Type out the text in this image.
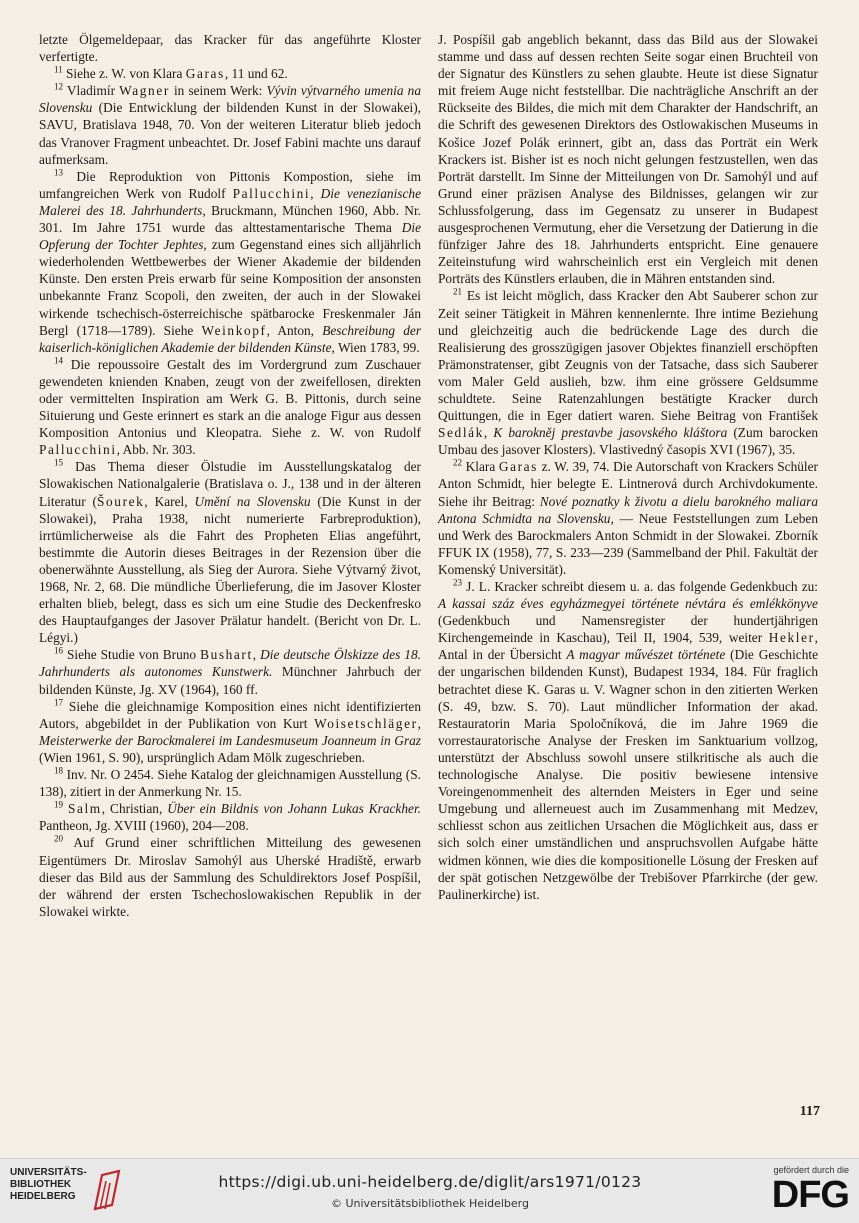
letzte Ölgemeldepaar, das Kracker für das angeführte Kloster verfertigte.

$^{11}$ Siehe z. W. von Klara Garas, 11 und 62.

$^{12}$ Vladimír Wagner in seinem Werk: Vývin výtvarného umenia na Slovensku (Die Entwicklung der bildenden Kunst in der Slowakei), SAVU, Bratislava 1948, 70. Von der weiteren Literatur blieb jedoch das Vranover Fragment unbeachtet. Dr. Josef Fabini machte uns darauf aufmerksam.

$^{13}$ Die Reproduktion von Pittonis Kompostion, siehe im umfangreichen Werk von Rudolf Pallucchini, Die venezianische Malerei des 18. Jahrhunderts, Bruckmann, München 1960, Abb. Nr. 301. Im Jahre 1751 wurde das alttestamentarische Thema Die Opferung der Tochter Jephtes, zum Gegenstand eines sich alljährlich wiederholenden Wettbewerbes der Wiener Akademie der bildenden Künste. Den ersten Preis erwarb für seine Komposition der ansonsten unbekannte Franz Scopoli, den zweiten, der auch in der Slowakei wirkende tschechisch-österreichische spätbarocke Freskenmaler Ján Bergl (1718—1789). Siehe Weinkopf, Anton, Beschreibung der kaiserlich-königlichen Akademie der bildenden Künste, Wien 1783, 99.

$^{14}$ Die repoussoire Gestalt des im Vordergrund zum Zuschauer gewendeten knienden Knaben, zeugt von der zweifellosen, direkten oder vermittelten Inspiration am Werk G. B. Pittonis, durch seine Situierung und Geste erinnert es stark an die analoge Figur aus dessen Komposition Antonius und Kleopatra. Siehe z. W. von Rudolf Pallucchini, Abb. Nr. 303.

$^{15}$ Das Thema dieser Ölstudie im Ausstellungskatalog der Slowakischen Nationalgalerie (Bratislava o. J., 138 und in der älteren Literatur (Šourek, Karel, Umění na Slovensku (Die Kunst in der Slowakei), Praha 1938, nicht numerierte Farbreproduktion), irrtümlicherweise als die Fahrt des Propheten Elias angeführt, bestimmte die Autorin dieses Beitrages in der Rezension über die obenerwähnte Ausstellung, als Sieg der Aurora. Siehe Výtvarný život, 1968, Nr. 2, 68. Die mündliche Überlieferung, die im Jasover Kloster erhalten blieb, belegt, dass es sich um eine Studie des Deckenfresko des Hauptaufganges der Jasover Prälatur handelt. (Bericht von Dr. L. Légyi.)

$^{16}$ Siehe Studie von Bruno Bushart, Die deutsche Ölskizze des 18. Jahrhunderts als autonomes Kunstwerk. Münchner Jahrbuch der bildenden Künste, Jg. XV (1964), 160 ff.

$^{17}$ Siehe die gleichnamige Komposition eines nicht identifizierten Autors, abgebildet in der Publikation von Kurt Woisetschläger, Meisterwerke der Barockmalerei im Landesmuseum Joanneum in Graz (Wien 1961, S. 90), ursprünglich Adam Mölk zugeschrieben.

$^{18}$ Inv. Nr. O 2454. Siehe Katalog der gleichnamigen Ausstellung (S. 138), zitiert in der Anmerkung Nr. 15.

$^{19}$ Salm, Christian, Über ein Bildnis von Johann Lukas Krackher. Pantheon, Jg. XVIII (1960), 204—208.

$^{20}$ Auf Grund einer schriftlichen Mitteilung des gewesenen Eigentümers Dr. Miroslav Samohýl aus Uherské Hradiště, erwarb dieser das Bild aus der Sammlung des Schuldirektors Josef Pospíšil, der während der ersten Tschechoslowakischen Republik in der Slowakei wirkte.

J. Pospíšil gab angeblich bekannt, dass das Bild aus der Slowakei stamme und dass auf dessen rechten Seite sogar einen Bruchteil von der Signatur des Künstlers zu sehen glaubte. Heute ist diese Signatur mit freiem Auge nicht feststellbar. Die nachträgliche Anschrift an der Rückseite des Bildes, die mich mit dem Charakter der Handschrift, an die Schrift des gewesenen Direktors des Ostlowakischen Museums in Košice Jozef Polák erinnert, gibt an, dass das Porträt ein Werk Krackers ist. Bisher ist es noch nicht gelungen festzustellen, wen das Porträt darstellt. Im Sinne der Mitteilungen von Dr. Samohýl und auf Grund einer präzisen Analyse des Bildnisses, gelangen wir zur Schlussfolgerung, dass im Gegensatz zu unserer in Budapest ausgesprochenen Vermutung, eher die Versetzung der Datierung in die fünfziger Jahre des 18. Jahrhunderts entspricht. Eine genauere Zeiteinstufung wird wahrscheinlich erst ein Vergleich mit denen Porträts des Künstlers erlauben, die in Mähren entstanden sind.

$^{21}$ Es ist leicht möglich, dass Kracker den Abt Sauberer schon zur Zeit seiner Tätigkeit in Mähren kennenlernte. Ihre intime Beziehung und gleichzeitig auch die bedrückende Lage des durch die Realisierung des grosszügigen jasover Objektes finanziell erschöpften Prämonstratenser, gibt Zeugnis von der Tatsache, dass sich Sauberer vom Maler Geld auslieh, bzw. ihm eine grössere Geldsumme schuldtete. Seine Ratenzahlungen bestätigte Kracker durch Quittungen, die in Eger datiert waren. Siehe Beitrag von František Sedlák, K barokněj prestavbe jasovského kláštora (Zum barocken Umbau des jasover Klosters). Vlastivedný časopis XVI (1967), 35.

$^{22}$ Klara Garas z. W. 39, 74. Die Autorschaft von Krackers Schüler Anton Schmidt, hier belegte E. Lintnerová durch Archivdokumente. Siehe ihr Beitrag: Nové poznatky k životu a dielu barokného maliara Antona Schmidta na Slovensku, — Neue Feststellungen zum Leben und Werk des Barockmalers Anton Schmidt in der Slowakei. Zborník FFUK IX (1958), 77, S. 233—239 (Sammelband der Phil. Fakultät der Komenský Universität).

$^{23}$ J. L. Kracker schreibt diesem u. a. das folgende Gedenkbuch zu: A kassai száz éves egyházmegyei története névtára és emlékkönyve (Gedenkbuch und Namensregister der hundertjährigen Kirchengemeinde in Kaschau), Teil II, 1904, 539, weiter Hekler, Antal in der Übersicht A magyar művészet története (Die Geschichte der ungarischen bildenden Kunst), Budapest 1934, 184. Für fraglich betrachtet diese K. Garas u. V. Wagner schon in den zitierten Werken (S. 49, bzw. S. 70). Laut mündlicher Information der akad. Restauratorin Maria Spoločníková, die im Jahre 1969 die vorrestauratorische Analyse der Fresken im Sanktuarium vollzog, unterstützt der Abschluss sowohl unsere stilkritische als auch die technologische Analyse. Die positiv bewiesene intensive Voreingenommenheit des alternden Meisters in Eger und seine Umgebung und allerneuest auch im Zusammenhang mit Medzev, schliesst schon aus zeitlichen Ursachen die Möglichkeit aus, dass er sich solch einer umständlichen und anspruchsvollen Aufgabe hätte widmen können, wie dies die kompositionelle Lösung der Fresken auf der spät gotischen Netzgewölbe der Trebišover Pfarrkirche (der gew. Paulinerkirche) ist.

117
UNIVERSITÄTS-
BIBLIOTHEK
HEIDELBERG
https://digi.ub.uni-heidelberg.de/diglit/ars1971/0123
© Universitätsbibliothek Heidelberg
gefördert durch die
DFG
